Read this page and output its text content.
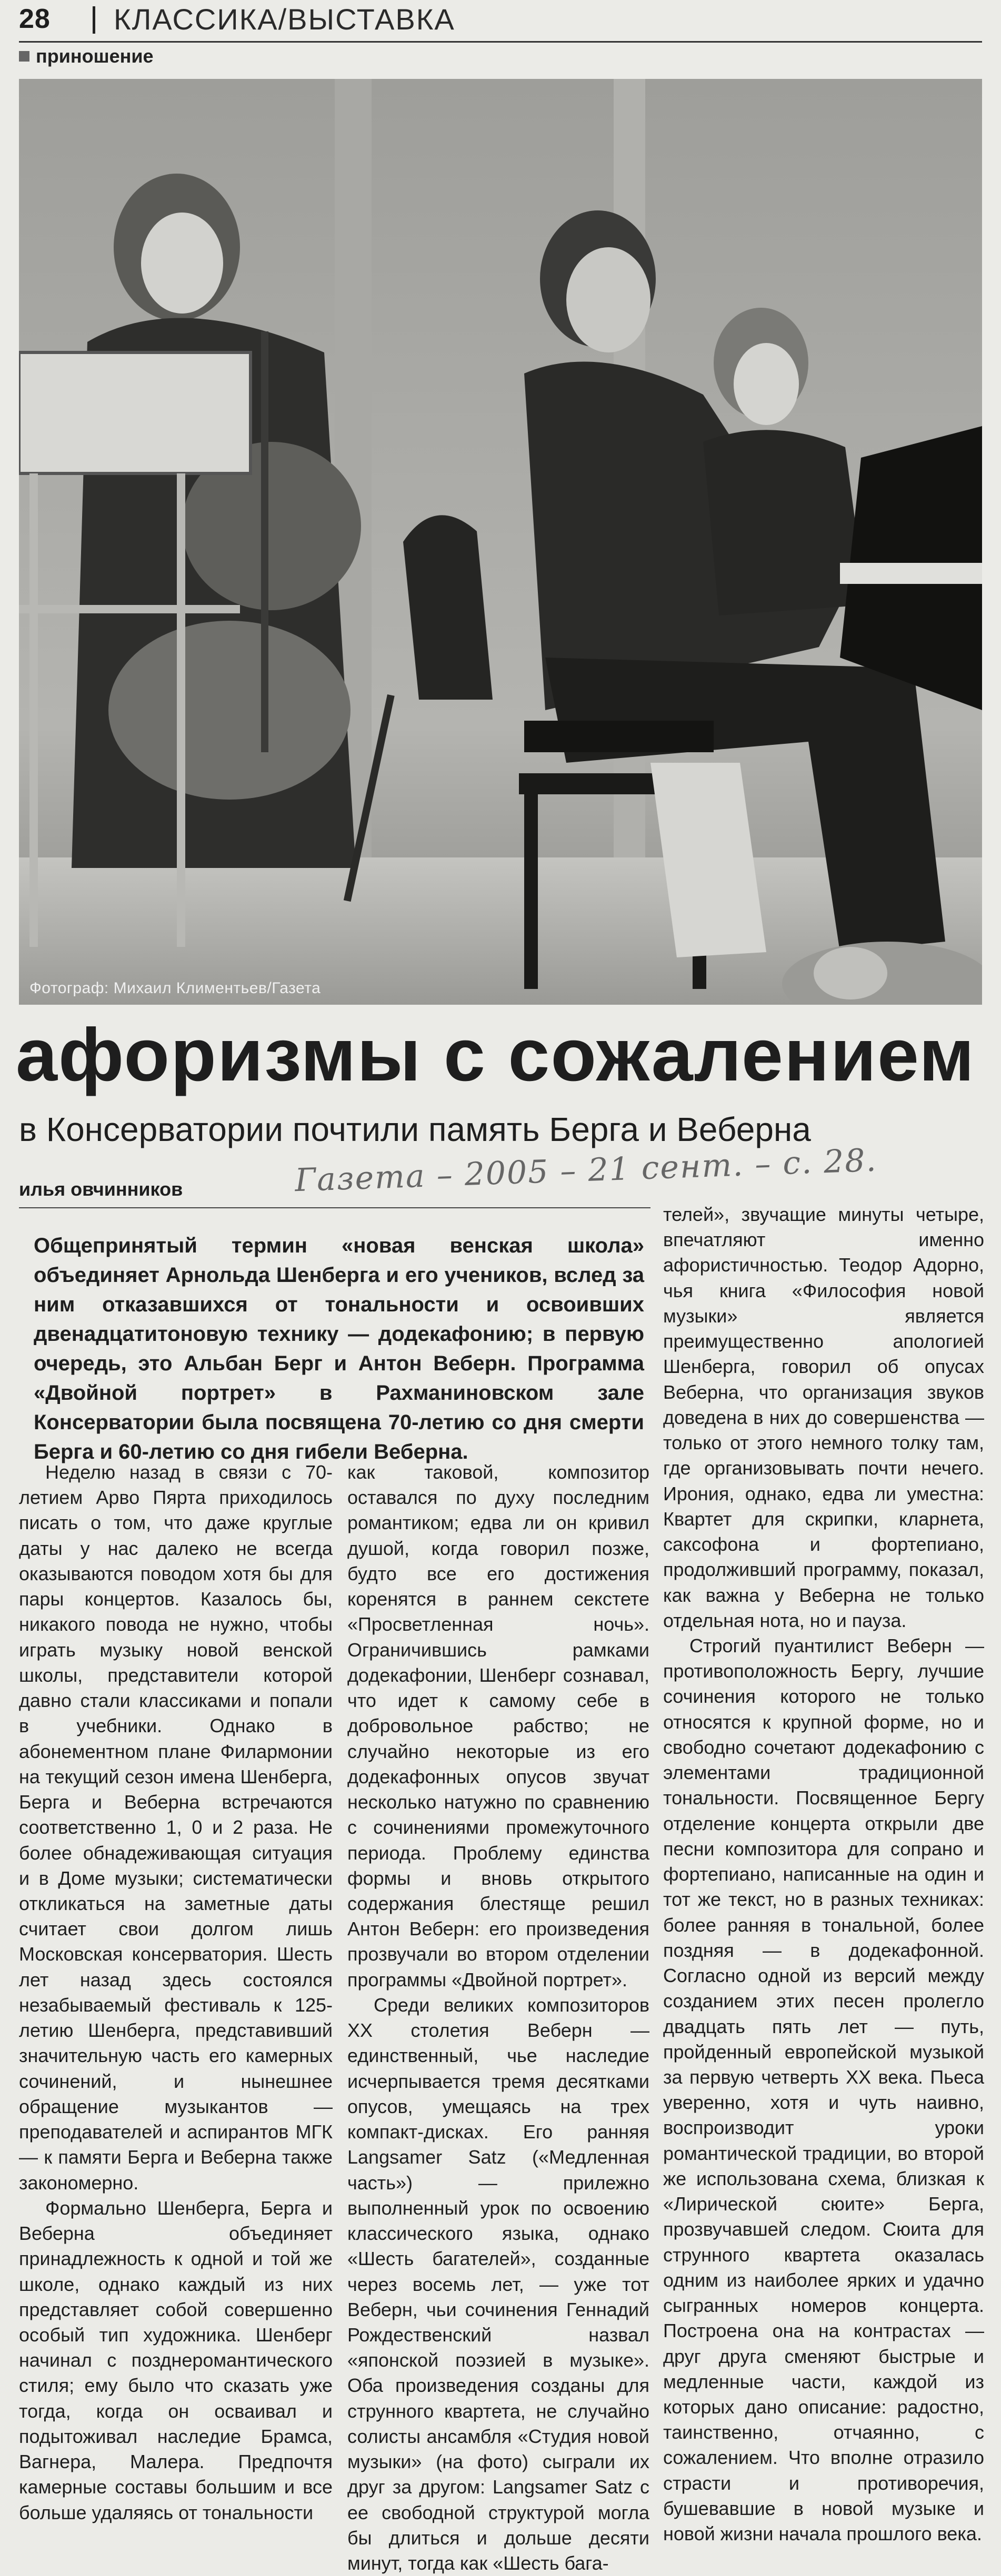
28 КЛАССИКА/ВЫСТАВКА
приношение
Фотограф: Михаил Климентьев/Газета
афоризмы с сожалением
в Консерватории почтили память Берга и Веберна
Газета – 2005 – 21 сент. – с. 28.
илья овчинников
Общепринятый термин «новая венская школа» объединяет Арнольда Шенберга и его учеников, вслед за ним отказавшихся от тональности и освоивших двенадцатитоновую технику — додекафонию; в первую очередь, это Альбан Берг и Антон Веберн. Программа «Двойной портрет» в Рахманиновском зале Консерватории была посвящена 70-летию со дня смерти Берга и 60-летию со дня гибели Веберна.

Неделю назад в связи с 70-летием Арво Пярта приходилось писать о том, что даже круглые даты у нас далеко не всегда оказываются поводом хотя бы для пары концертов. Казалось бы, никакого повода не нужно, чтобы играть музыку новой венской школы, представители которой давно стали классиками и попали в учебники. Однако в абонементном плане Филармонии на текущий сезон имена Шенберга, Берга и Веберна встречаются соответственно 1, 0 и 2 раза. Не более обнадеживающая ситуация и в Доме музыки; систематически откликаться на заметные даты считает свои долгом лишь Московская консерватория. Шесть лет назад здесь состоялся незабываемый фестиваль к 125-летию Шенберга, представивший значительную часть его камерных сочинений, и нынешнее обращение музыкантов — преподавателей и аспирантов МГК — к памяти Берга и Веберна также закономерно.

Формально Шенберга, Берга и Веберна объединяет принадлежность к одной и той же школе, однако каждый из них представляет собой совершенно особый тип художника. Шенберг начинал с позднеромантического стиля; ему было что сказать уже тогда, когда он осваивал и подытоживал наследие Брамса, Вагнера, Малера. Предпочтя камерные составы большим и все больше удаляясь от тональности

как таковой, композитор оставался по духу последним романтиком; едва ли он кривил душой, когда говорил позже, будто все его достижения коренятся в раннем секстете «Просветленная ночь». Ограничившись рамками додекафонии, Шенберг сознавал, что идет к самому себе в добровольное рабство; не случайно некоторые из его додекафонных опусов звучат несколько натужно по сравнению с сочинениями промежуточного периода. Проблему единства формы и вновь открытого содержания блестяще решил Антон Веберн: его произведения прозвучали во втором отделении программы «Двойной портрет».

Среди великих композиторов XX столетия Веберн — единственный, чье наследие исчерпывается тремя десятками опусов, умещаясь на трех компакт-дисках. Его ранняя Langsamer Satz («Медленная часть») — прилежно выполненный урок по освоению классического языка, однако «Шесть багателей», созданные через восемь лет, — уже тот Веберн, чьи сочинения Геннадий Рождественский назвал «японской поэзией в музыке». Оба произведения созданы для струнного квартета, не случайно солисты ансамбля «Студия новой музыки» (на фото) сыграли их друг за другом: Langsamer Satz с ее свободной структурой могла бы длиться и дольше десяти минут, тогда как «Шесть бага-

телей», звучащие минуты четыре, впечатляют именно афористичностью. Теодор Адорно, чья книга «Философия новой музыки» является преимущественно апологией Шенберга, говорил об опусах Веберна, что организация звуков доведена в них до совершенства — только от этого немного толку там, где организовывать почти нечего. Ирония, однако, едва ли уместна: Квартет для скрипки, кларнета, саксофона и фортепиано, продолживший программу, показал, как важна у Веберна не только отдельная нота, но и пауза.

Строгий пуантилист Веберн — противоположность Бергу, лучшие сочинения которого не только относятся к крупной форме, но и свободно сочетают додекафонию с элементами традиционной тональности. Посвященное Бергу отделение концерта открыли две песни композитора для сопрано и фортепиано, написанные на один и тот же текст, но в разных техниках: более ранняя в тональной, более поздняя — в додекафонной. Согласно одной из версий между созданием этих песен пролегло двадцать пять лет — путь, пройденный европейской музыкой за первую четверть XX века. Пьеса уверенно, хотя и чуть наивно, воспроизводит уроки романтической традиции, во второй же использована схема, близкая к «Лирической сюите» Берга, прозвучавшей следом. Сюита для струнного квартета оказалась одним из наиболее ярких и удачно сыгранных номеров концерта. Построена она на контрастах — друг друга сменяют быстрые и медленные части, каждой из которых дано описание: радостно, таинственно, отчаянно, с сожалением. Что вполне отразило страсти и противоречия, бушевавшие в новой музыке и новой жизни начала прошлого века.
